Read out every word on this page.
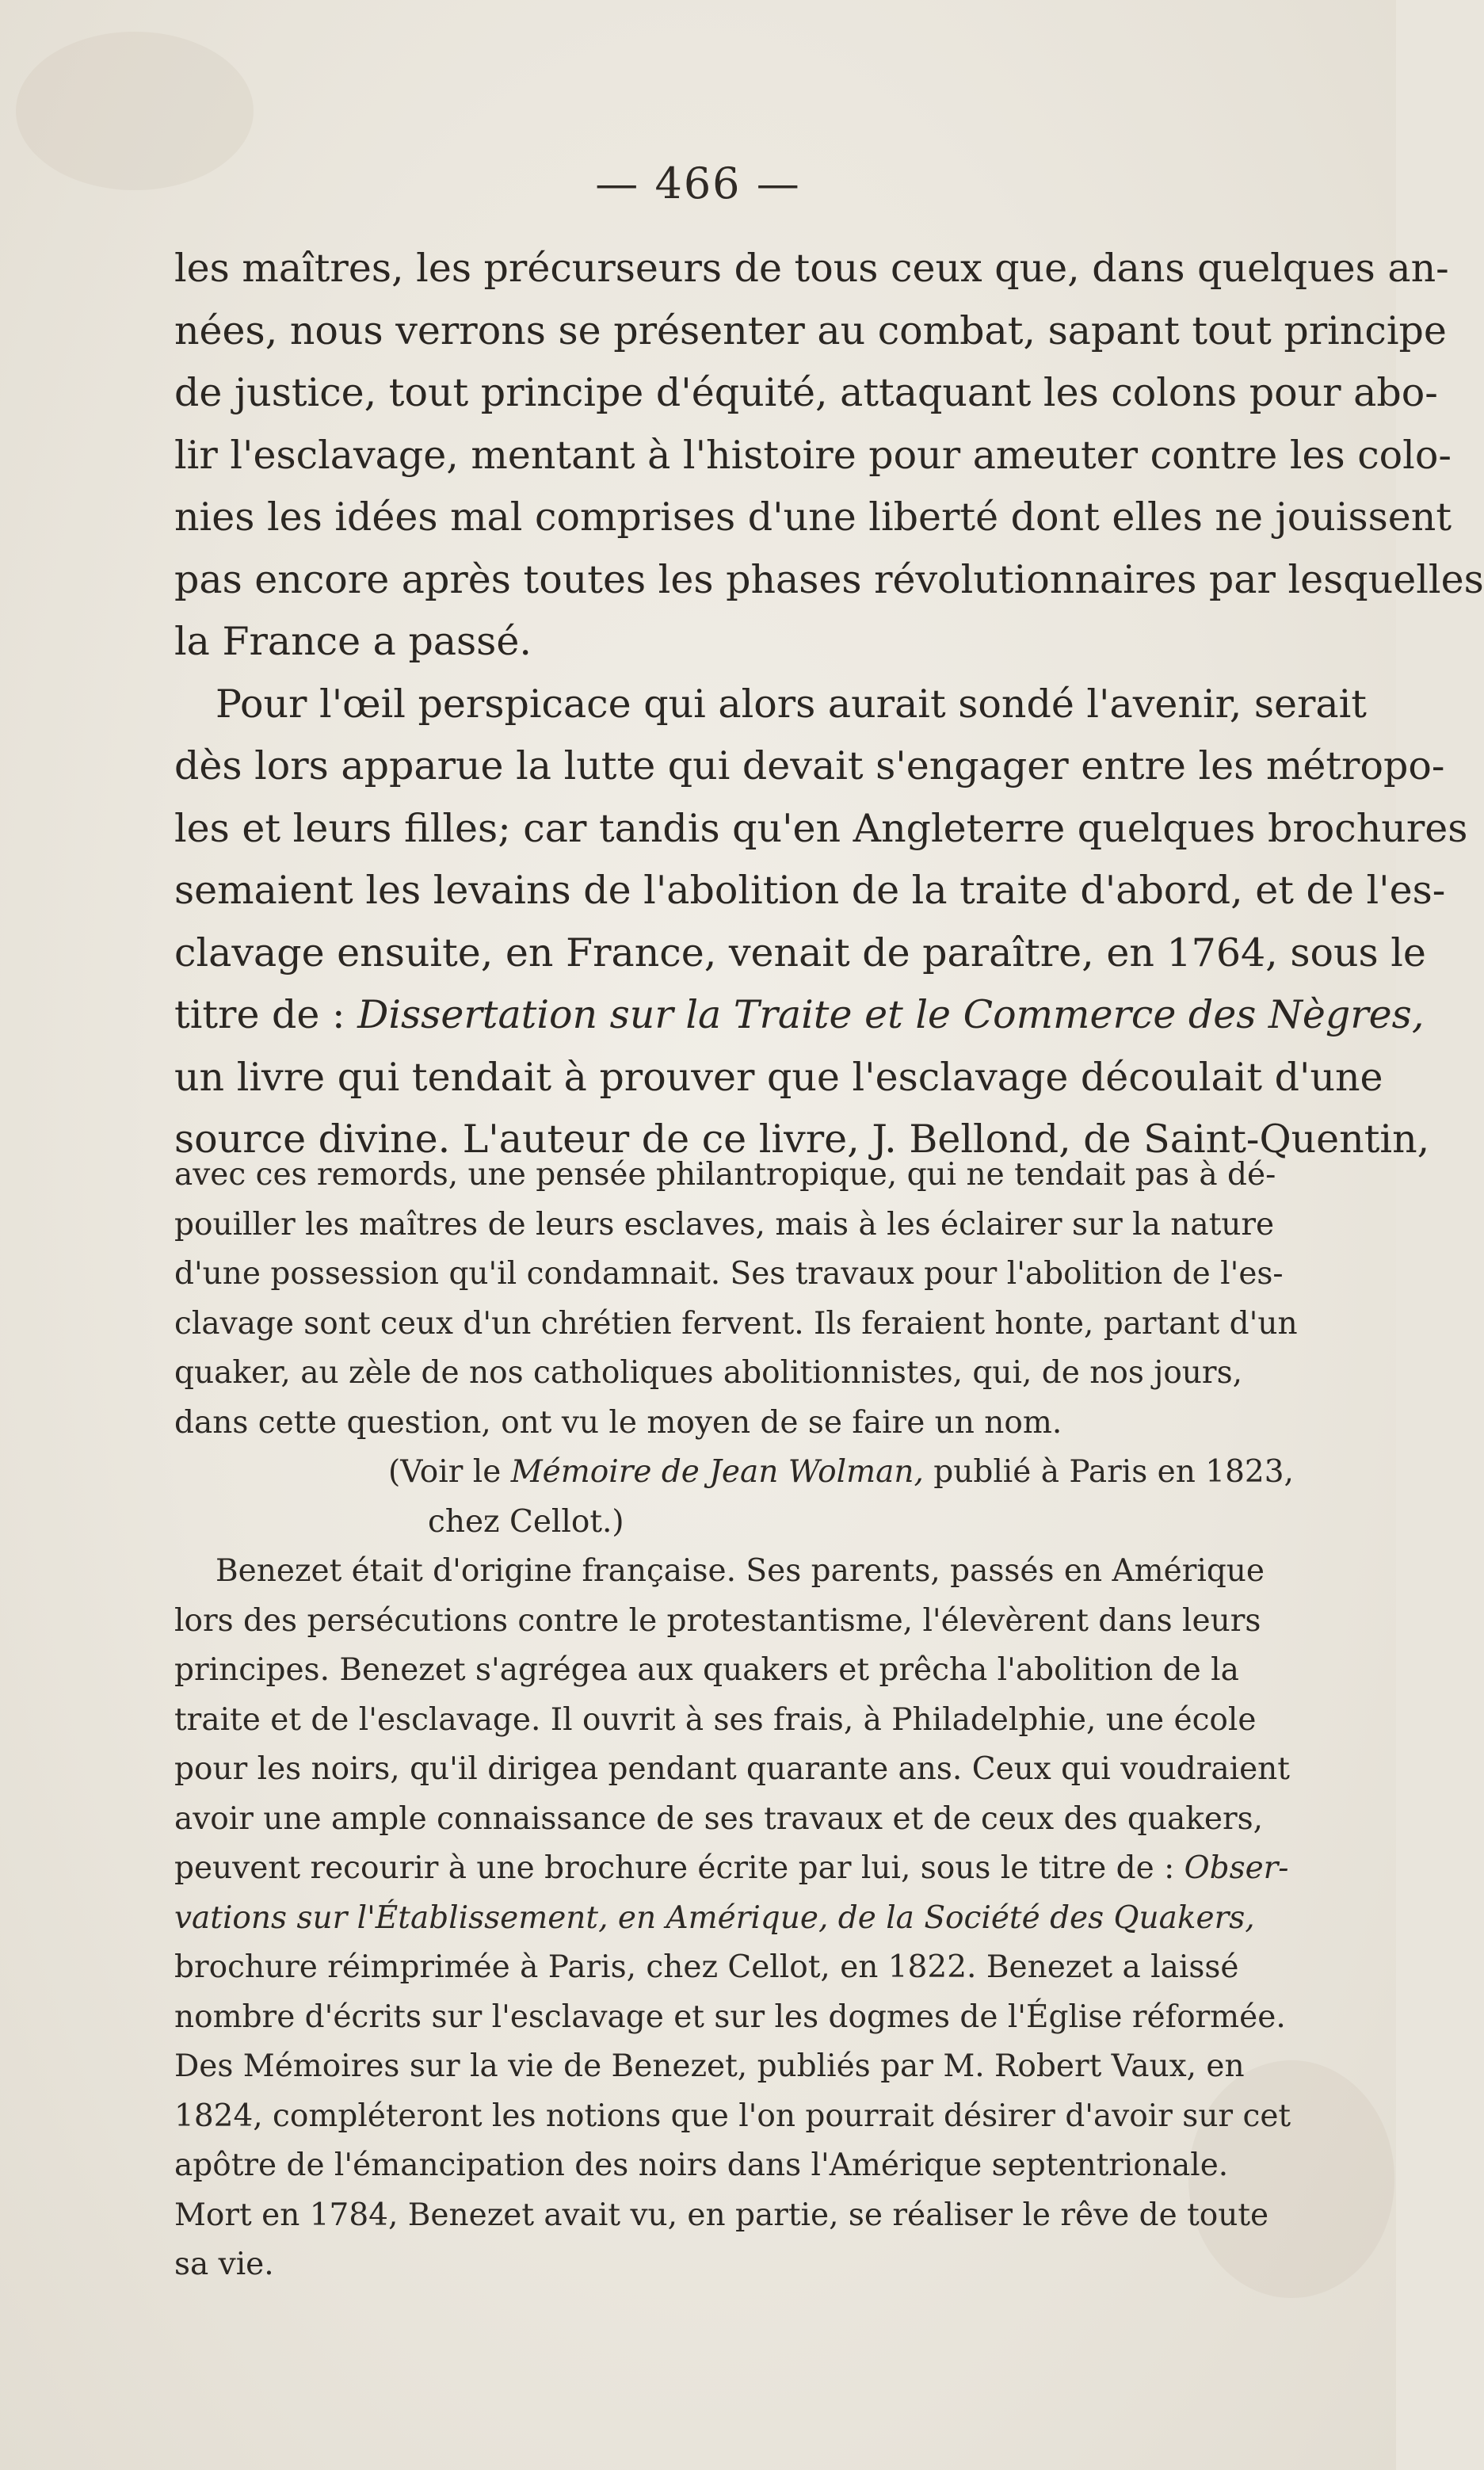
— 466 —

les maîtres, les précurseurs de tous ceux que, dans quelques an-
nées, nous verrons se présenter au combat, sapant tout principe
de justice, tout principe d'équité, attaquant les colons pour abo-
lir l'esclavage, mentant à l'histoire pour ameuter contre les colo-
nies les idées mal comprises d'une liberté dont elles ne jouissent
pas encore après toutes les phases révolutionnaires par lesquelles
la France a passé.

Pour l'œil perspicace qui alors aurait sondé l'avenir, serait
dès lors apparue la lutte qui devait s'engager entre les métropo-
les et leurs filles; car tandis qu'en Angleterre quelques brochures
semaient les levains de l'abolition de la traite d'abord, et de l'es-
clavage ensuite, en France, venait de paraître, en 1764, sous le
titre de : Dissertation sur la Traite et le Commerce des Nègres,
un livre qui tendait à prouver que l'esclavage découlait d'une
source divine. L'auteur de ce livre, J. Bellond, de Saint-Quentin,

avec ces remords, une pensée philantropique, qui ne tendait pas à dé-
pouiller les maîtres de leurs esclaves, mais à les éclairer sur la nature
d'une possession qu'il condamnait. Ses travaux pour l'abolition de l'es-
clavage sont ceux d'un chrétien fervent. Ils feraient honte, partant d'un
quaker, au zèle de nos catholiques abolitionnistes, qui, de nos jours,
dans cette question, ont vu le moyen de se faire un nom.

(Voir le Mémoire de Jean Wolman, publié à Paris en 1823,
chez Cellot.)

Benezet était d'origine française. Ses parents, passés en Amérique
lors des persécutions contre le protestantisme, l'élevèrent dans leurs
principes. Benezet s'agrégea aux quakers et prêcha l'abolition de la
traite et de l'esclavage. Il ouvrit à ses frais, à Philadelphie, une école
pour les noirs, qu'il dirigea pendant quarante ans. Ceux qui voudraient
avoir une ample connaissance de ses travaux et de ceux des quakers,
peuvent recourir à une brochure écrite par lui, sous le titre de : Obser-
vations sur l'Établissement, en Amérique, de la Société des Quakers,
brochure réimprimée à Paris, chez Cellot, en 1822. Benezet a laissé
nombre d'écrits sur l'esclavage et sur les dogmes de l'Église réformée.
Des Mémoires sur la vie de Benezet, publiés par M. Robert Vaux, en
1824, compléteront les notions que l'on pourrait désirer d'avoir sur cet
apôtre de l'émancipation des noirs dans l'Amérique septentrionale.
Mort en 1784, Benezet avait vu, en partie, se réaliser le rêve de toute
sa vie.
